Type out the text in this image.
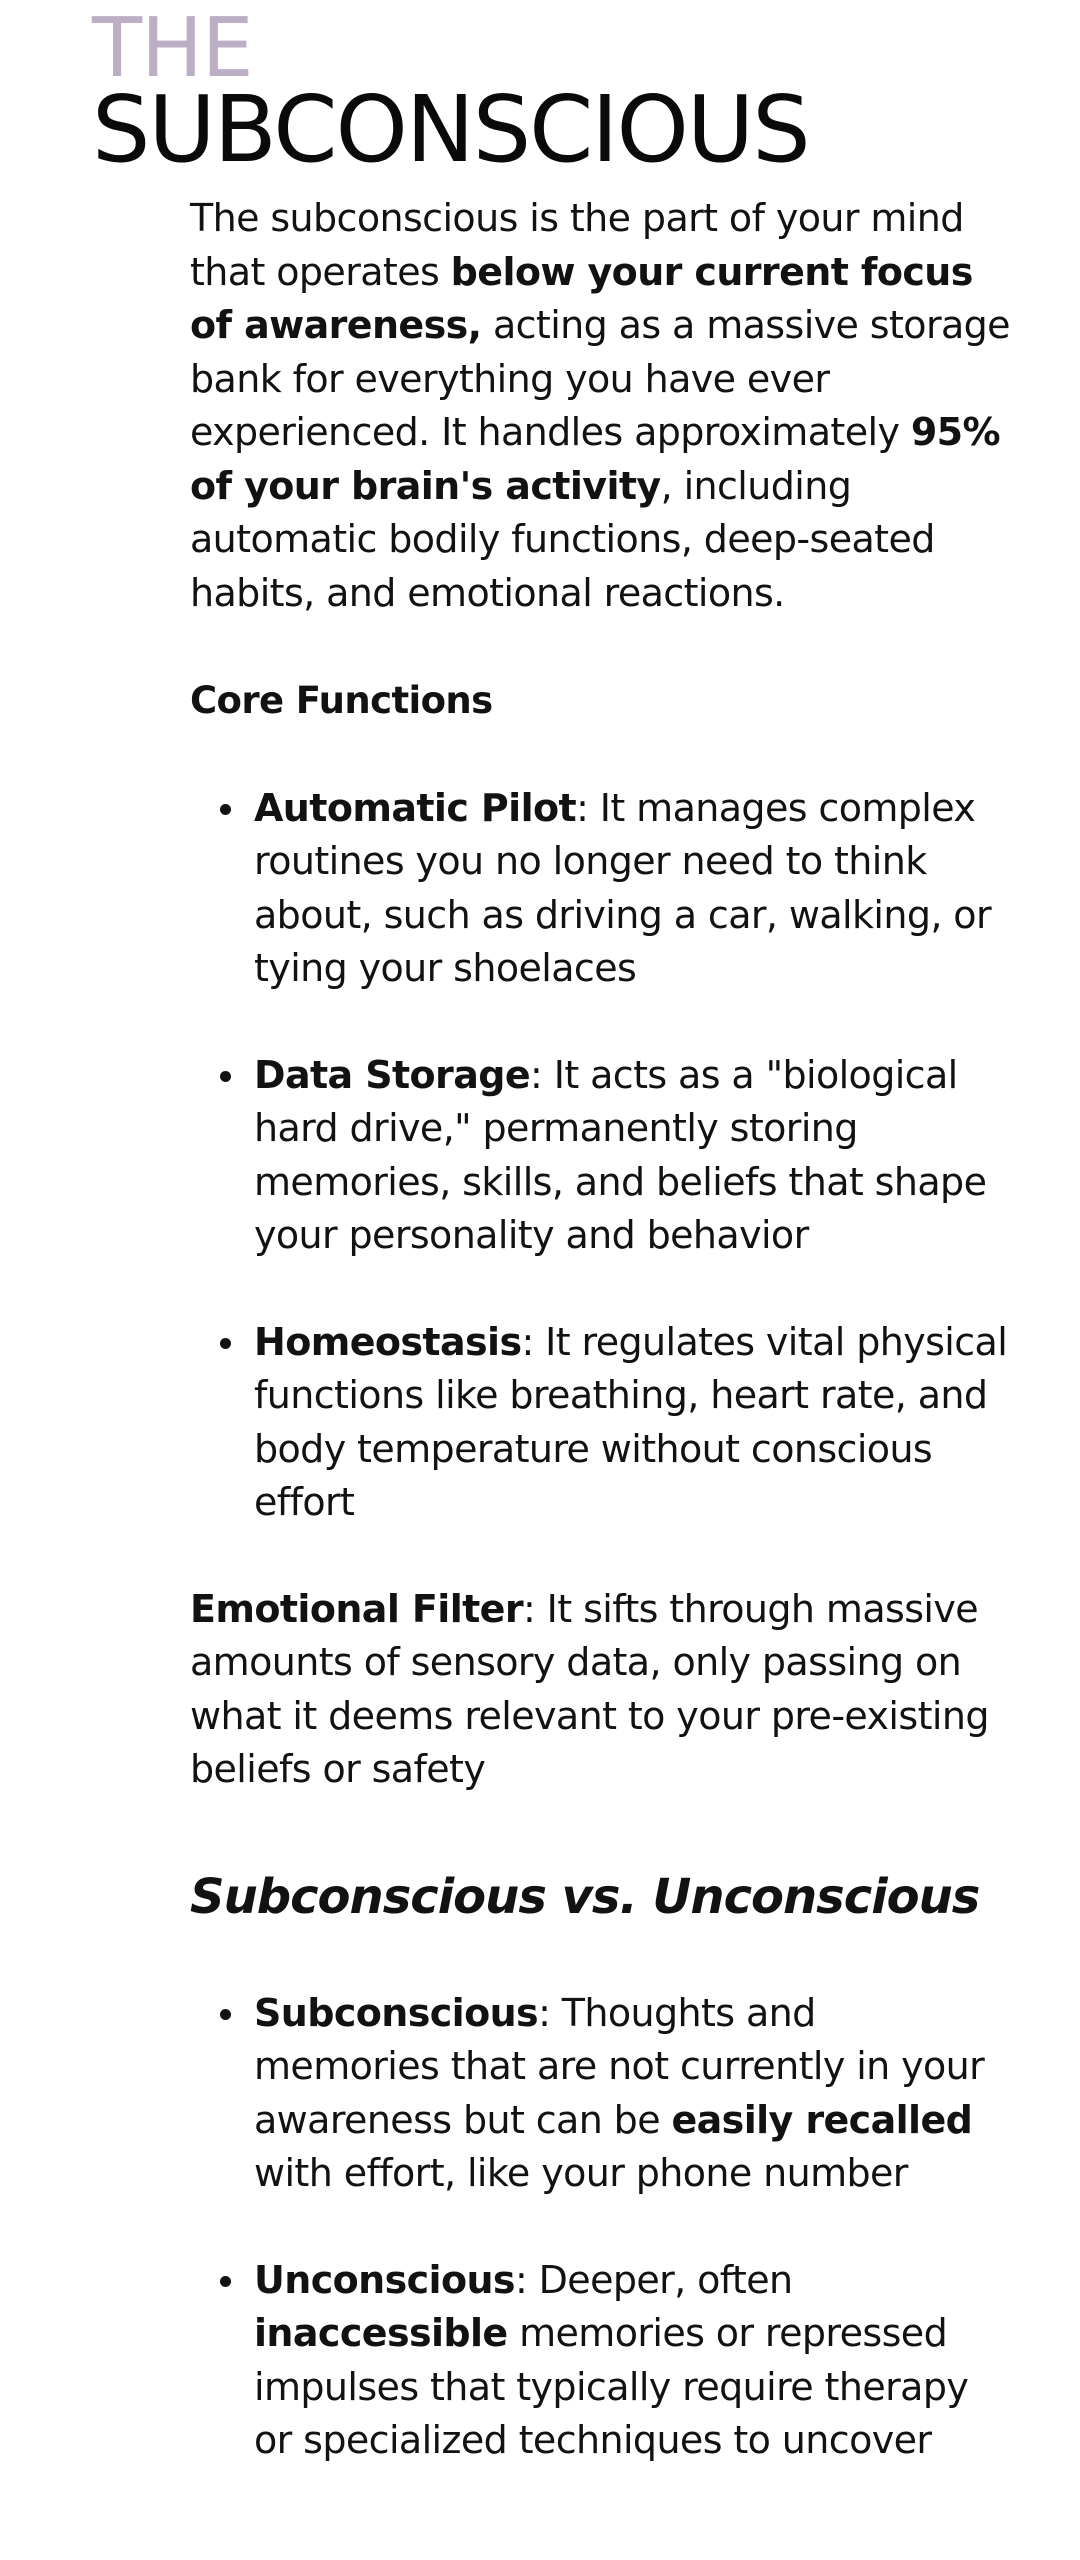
THE
SUBCONSCIOUS

The subconscious is the part of your mind that operates below your current focus of awareness, acting as a massive storage bank for everything you have ever experienced. It handles approximately 95% of your brain's activity, including automatic bodily functions, deep-seated habits, and emotional reactions.

Core Functions

Automatic Pilot: It manages complex routines you no longer need to think about, such as driving a car, walking, or tying your shoelaces
Data Storage: It acts as a "biological hard drive," permanently storing memories, skills, and beliefs that shape your personality and behavior
Homeostasis: It regulates vital physical functions like breathing, heart rate, and body temperature without conscious effort

Emotional Filter: It sifts through massive amounts of sensory data, only passing on what it deems relevant to your pre-existing beliefs or safety

Subconscious vs. Unconscious
Subconscious: Thoughts and memories that are not currently in your awareness but can be easily recalled with effort, like your phone number
Unconscious: Deeper, often inaccessible memories or repressed impulses that typically require therapy or specialized techniques to uncover
